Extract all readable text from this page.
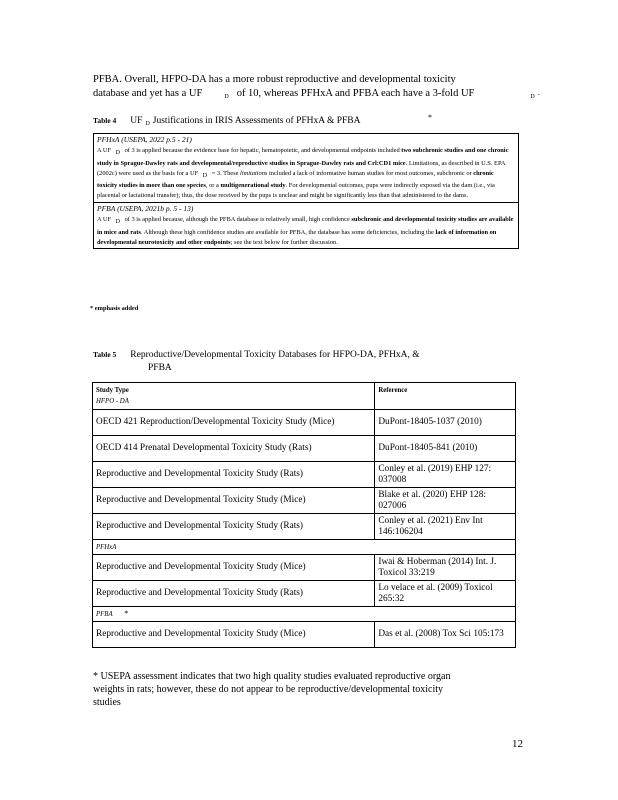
PFBA. Overall, HFPO-DA has a more robust reproductive and developmental toxicity
database and yet has a UF	$_D$ of 10, whereas PFHxA and PFBA each have a 3-fold UF	$_D$ -
Table 4 UF $_D$ Justifications in IRIS Assessments of PFHxA & PFBA	*
PFHxA (USEPA, 2022 p.5 - 21)
A UF D of 3 is applied because the evidence base for hepatic, hematopoietic, and developmental endpoints included two subchronic studies and one chronic study in Sprague-Dawley rats and developmental/reproductive studies in Sprague-Dawley rats and Crl:CD1 mice. Limitations, as described in U.S. EPA (2002c) were used as the basis for a UF D = 3. These limitations included a lack of informative human studies for most outcomes, subchronic or chronic toxicity studies in more than one species, or a multigenerational study. For developmental outcomes, pups were indirectly exposed via the dam (i.e., via placental or lactational transfer); thus, the dose received by the pups is unclear and might be significantly less than that administered to the dams.
PFBA (USEPA, 2021b p. 5 - 13)
A UF D of 3 is applied because, although the PFBA database is relatively small, high confidence subchronic and developmental toxicity studies are available in mice and rats. Although these high confidence studies are available for PFBA, the database has some deficiencies, including the lack of information on developmental neurotoxicity and other endpoints; see the text below for further discussion.
* emphasis added
Table 5 Reproductive/Developmental Toxicity Databases for HFPO-DA, PFHxA, &
PFBA
Study Type	Reference
HFPO - DA	
OECD 421 Reproduction/Developmental Toxicity Study (Mice)	DuPont-18405-1037 (2010)
OECD 414 Prenatal Developmental Toxicity Study (Rats)	DuPont-18405-841 (2010)
Reproductive and Developmental Toxicity Study (Rats)	Conley et al. (2019) EHP 127: 037008
Reproductive and Developmental Toxicity Study (Mice)	Blake et al. (2020) EHP 128: 027006
Reproductive and Developmental Toxicity Study (Rats)	Conley et al. (2021) Env Int 146:106204
PFHxA	
Reproductive and Developmental Toxicity Study (Mice)	Iwai & Hoberman (2014) Int. J. Toxicol 33:219
Reproductive and Developmental Toxicity Study (Rats)	Lo velace et al. (2009) Toxicol 265:32
PFBA *	
Reproductive and Developmental Toxicity Study (Mice)	Das et al. (2008) Tox Sci 105:173
* USEPA assessment indicates that two high quality studies evaluated reproductive organ weights in rats; however, these do not appear to be reproductive/developmental toxicity studies
12
